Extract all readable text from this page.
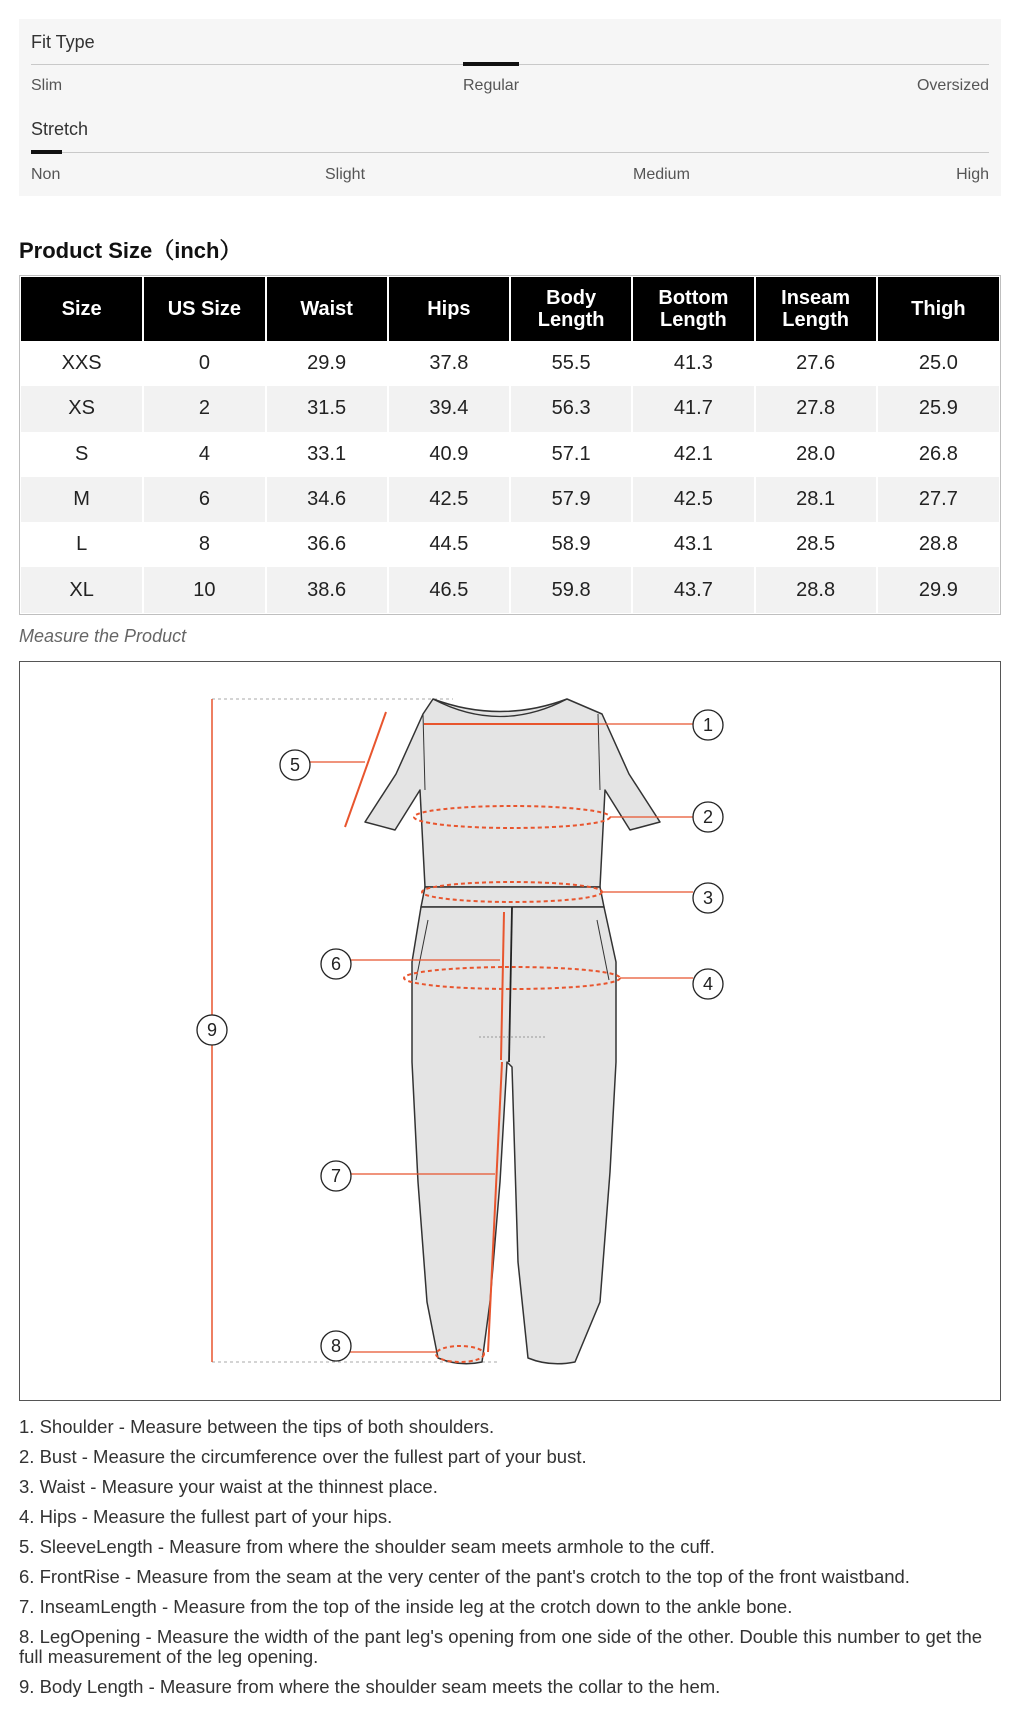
Fit Type
Slim	Regular	Oversized
Stretch
Non	Slight	Medium	High
Product Size（inch）
Size	US Size	Waist	Hips	Body Length	Bottom Length	Inseam Length	Thigh
XXS	0	29.9	37.8	55.5	41.3	27.6	25.0
XS	2	31.5	39.4	56.3	41.7	27.8	25.9
S	4	33.1	40.9	57.1	42.1	28.0	26.8
M	6	34.6	42.5	57.9	42.5	28.1	27.7
L	8	36.6	44.5	58.9	43.1	28.5	28.8
XL	10	38.6	46.5	59.8	43.7	28.8	29.9
Measure the Product
1
2
3
4
5
6
7
8
9

1. Shoulder - Measure between the tips of both shoulders.

2. Bust - Measure the circumference over the fullest part of your bust.

3. Waist - Measure your waist at the thinnest place.

4. Hips - Measure the fullest part of your hips.

5. SleeveLength - Measure from where the shoulder seam meets armhole to the cuff.

6. FrontRise - Measure from the seam at the very center of the pant's crotch to the top of the front waistband.

7. InseamLength - Measure from the top of the inside leg at the crotch down to the ankle bone.

8. LegOpening - Measure the width of the pant leg's opening from one side of the other. Double this number to get the full measurement of the leg opening.

9. Body Length - Measure from where the shoulder seam meets the collar to the hem.
